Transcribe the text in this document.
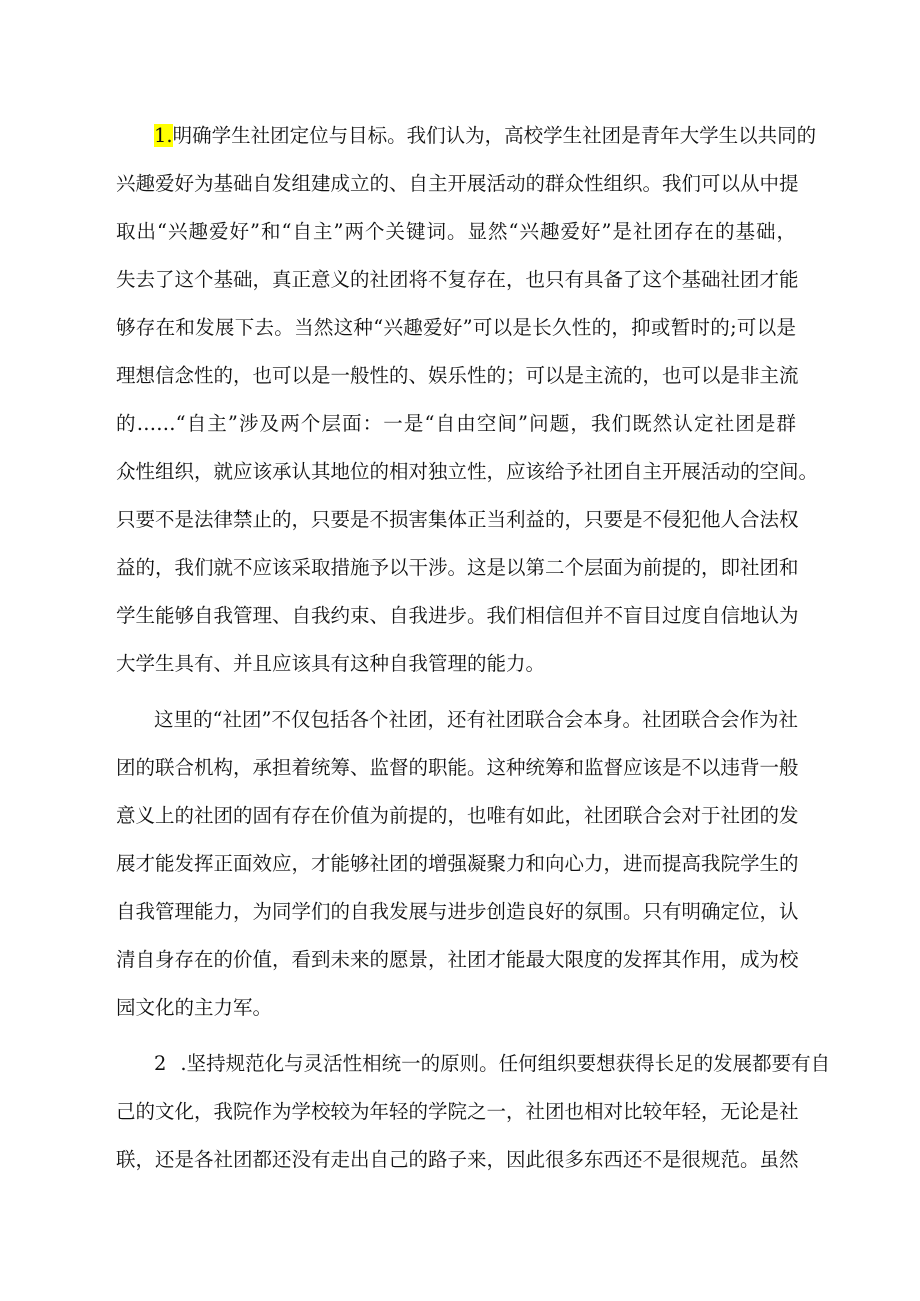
1.明确学生社团定位与目标。我们认为，高校学生社团是青年大学生以共同的
兴趣爱好为基础自发组建成立的、自主开展活动的群众性组织。我们可以从中提
取出“兴趣爱好”和“自主”两个关键词。显然“兴趣爱好”是社团存在的基础，
失去了这个基础，真正意义的社团将不复存在，也只有具备了这个基础社团才能
够存在和发展下去。当然这种“兴趣爱好”可以是长久性的，抑或暂时的;可以是
理想信念性的，也可以是一般性的、娱乐性的；可以是主流的，也可以是非主流
的……“自主”涉及两个层面：一是“自由空间”问题，我们既然认定社团是群
众性组织，就应该承认其地位的相对独立性，应该给予社团自主开展活动的空间。
只要不是法律禁止的，只要是不损害集体正当利益的，只要是不侵犯他人合法权
益的，我们就不应该采取措施予以干涉。这是以第二个层面为前提的，即社团和
学生能够自我管理、自我约束、自我进步。我们相信但并不盲目过度自信地认为
大学生具有、并且应该具有这种自我管理的能力。
这里的“社团”不仅包括各个社团，还有社团联合会本身。社团联合会作为社
团的联合机构，承担着统筹、监督的职能。这种统筹和监督应该是不以违背一般
意义上的社团的固有存在价值为前提的，也唯有如此，社团联合会对于社团的发
展才能发挥正面效应，才能够社团的增强凝聚力和向心力，进而提高我院学生的
自我管理能力，为同学们的自我发展与进步创造良好的氛围。只有明确定位，认
清自身存在的价值，看到未来的愿景，社团才能最大限度的发挥其作用，成为校
园文化的主力军。
2 .坚持规范化与灵活性相统一的原则。任何组织要想获得长足的发展都要有自
己的文化，我院作为学校较为年轻的学院之一，社团也相对比较年轻，无论是社
联，还是各社团都还没有走出自己的路子来，因此很多东西还不是很规范。虽然
